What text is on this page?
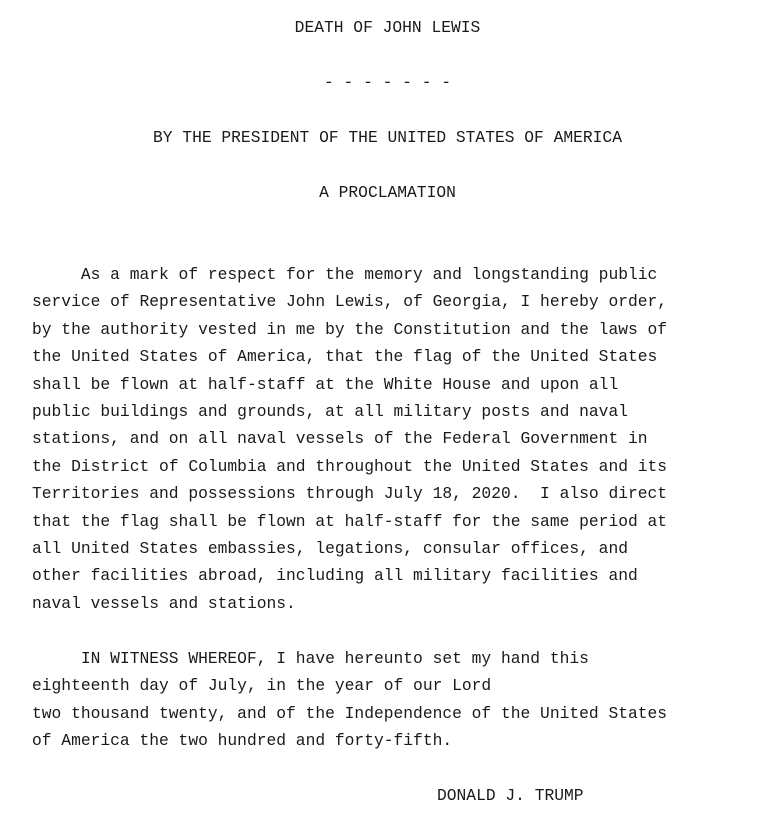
DEATH OF JOHN LEWIS
- - - - - - -
BY THE PRESIDENT OF THE UNITED STATES OF AMERICA
A PROCLAMATION
As a mark of respect for the memory and longstanding public
service of Representative John Lewis, of Georgia, I hereby order,
by the authority vested in me by the Constitution and the laws of
the United States of America, that the flag of the United States
shall be flown at half-staff at the White House and upon all
public buildings and grounds, at all military posts and naval
stations, and on all naval vessels of the Federal Government in
the District of Columbia and throughout the United States and its
Territories and possessions through July 18, 2020.  I also direct
that the flag shall be flown at half-staff for the same period at
all United States embassies, legations, consular offices, and
other facilities abroad, including all military facilities and
naval vessels and stations.
IN WITNESS WHEREOF, I have hereunto set my hand this
eighteenth day of July, in the year of our Lord
two thousand twenty, and of the Independence of the United States
of America the two hundred and forty-fifth.
DONALD J. TRUMP
